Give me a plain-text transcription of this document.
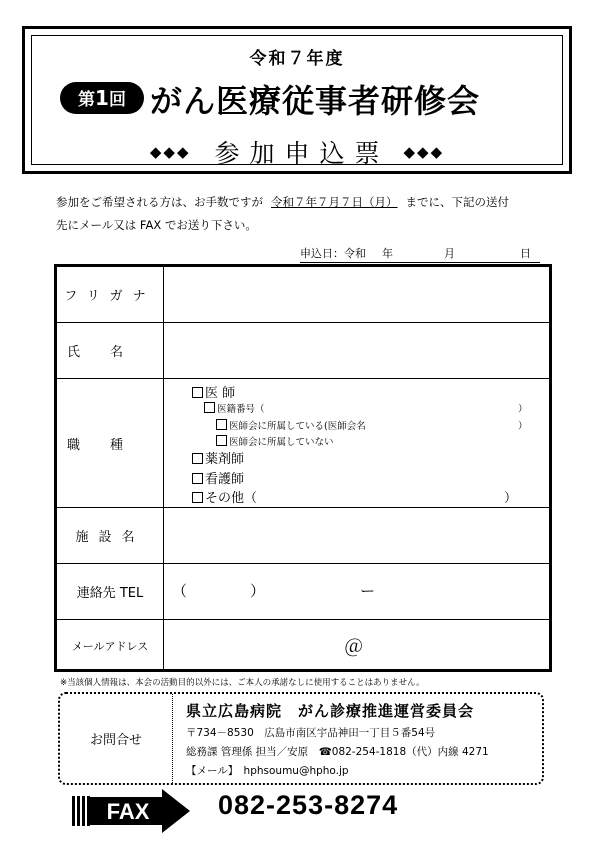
令和７年度
第1回 がん医療従事者研修会
◆◆◆ 参加申込票 ◆◆◆
参加をご希望される方は、お手数ですが 令和７年７月７日（月） までに、下記の送付
先にメール又は FAX でお送り下さい。
申込日：令和 年	月	日
フリガナ
氏名
職種
医 師
医籍番号（	）
医師会に所属している(医師会名	）
医師会に所属していない
薬剤師
看護師
その他（	）
施設名
連絡先 TEL	（	）	ー
メールアドレス	＠
※当該個人情報は、本会の活動目的以外には、ご本人の承諾なしに使用することはありません。
お問合せ
県立広島病院　がん診療推進運営委員会
〒734－8530　広島市南区宇品神田一丁目５番54号
総務課 管理係 担当／安原　 ☎082-254-1818（代）内線 4271
【メール】　 hphsoumu@hpho.jp
FAX	082-253-8274
